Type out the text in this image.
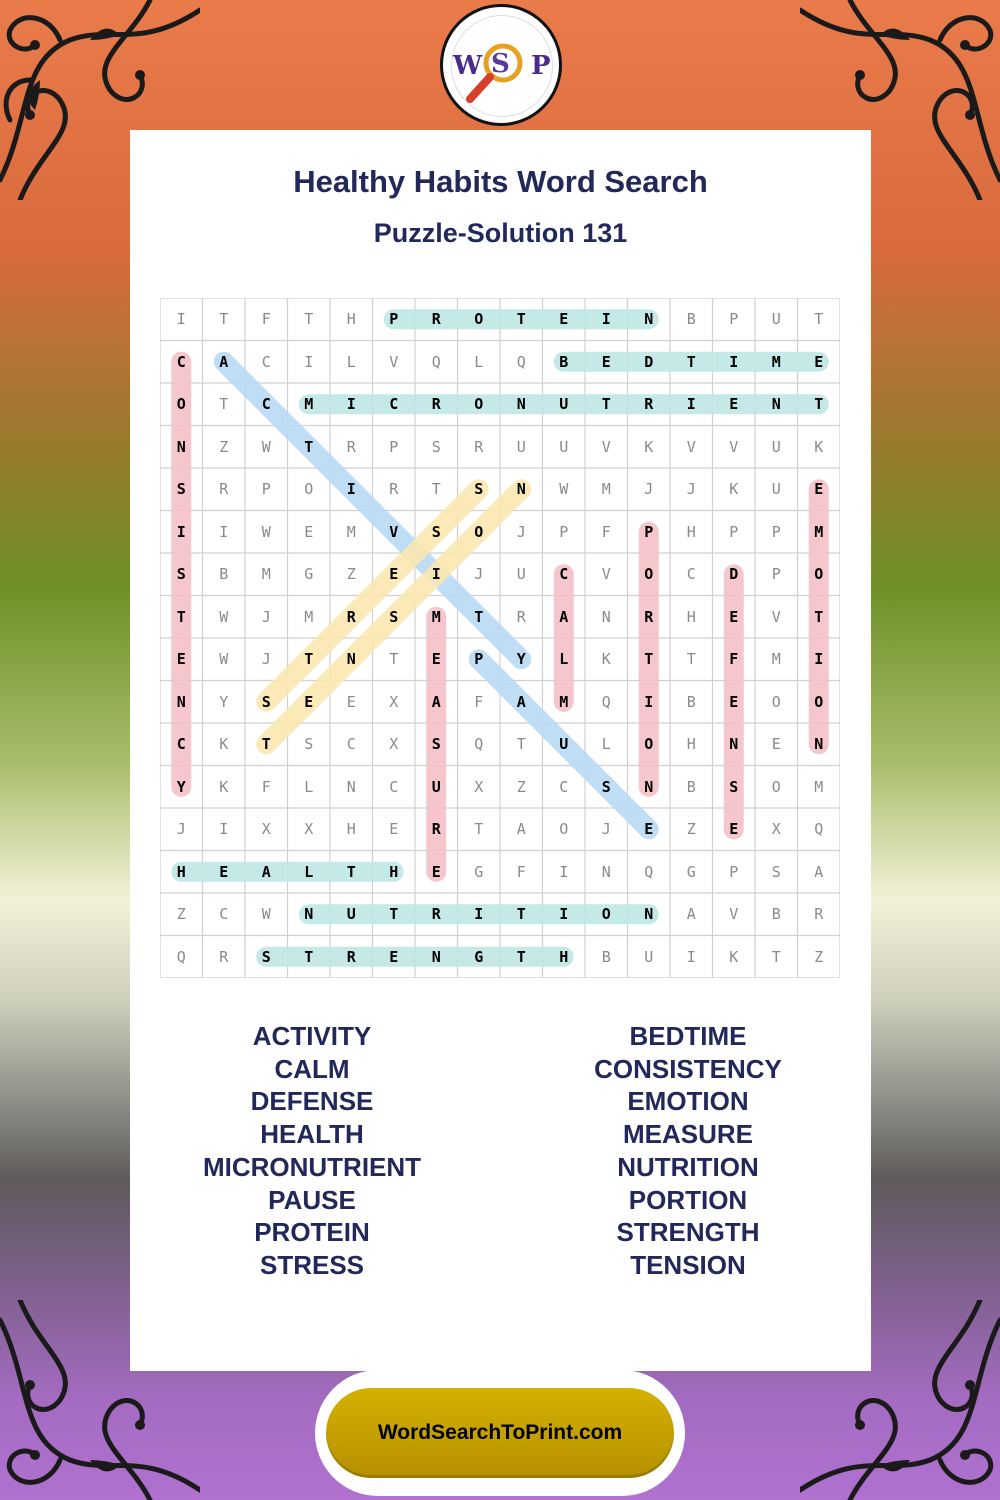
W S P
Healthy Habits Word Search
Puzzle-Solution 131
I	T	F	T	H	P	R	O	T	E	I	N	B	P	U	T
C	A	C	I	L	V	Q	L	Q	B	E	D	T	I	M	E
O	T	C	M	I	C	R	O	N	U	T	R	I	E	N	T
N	Z	W	T	R	P	S	R	U	U	V	K	V	V	U	K
S	R	P	O	I	R	T	S	N	W	M	J	J	K	U	E
I	I	W	E	M	V	S	O	J	P	F	P	H	P	P	M
S	B	M	G	Z	E	I	J	U	C	V	O	C	D	P	O
T	W	J	M	R	S	M	T	R	A	N	R	H	E	V	T
E	W	J	T	N	T	E	P	Y	L	K	T	T	F	M	I
N	Y	S	E	E	X	A	F	A	M	Q	I	B	E	O	O
C	K	T	S	C	X	S	Q	T	U	L	O	H	N	E	N
Y	K	F	L	N	C	U	X	Z	C	S	N	B	S	O	M
J	I	X	X	H	E	R	T	A	O	J	E	Z	E	X	Q
H	E	A	L	T	H	E	G	F	I	N	Q	G	P	S	A
Z	C	W	N	U	T	R	I	T	I	O	N	A	V	B	R
Q	R	S	T	R	E	N	G	T	H	B	U	I	K	T	Z
ACTIVITY
CALM
DEFENSE
HEALTH
MICRONUTRIENT
PAUSE
PROTEIN
STRESS
BEDTIME
CONSISTENCY
EMOTION
MEASURE
NUTRITION
PORTION
STRENGTH
TENSION
WordSearchToPrint.com
